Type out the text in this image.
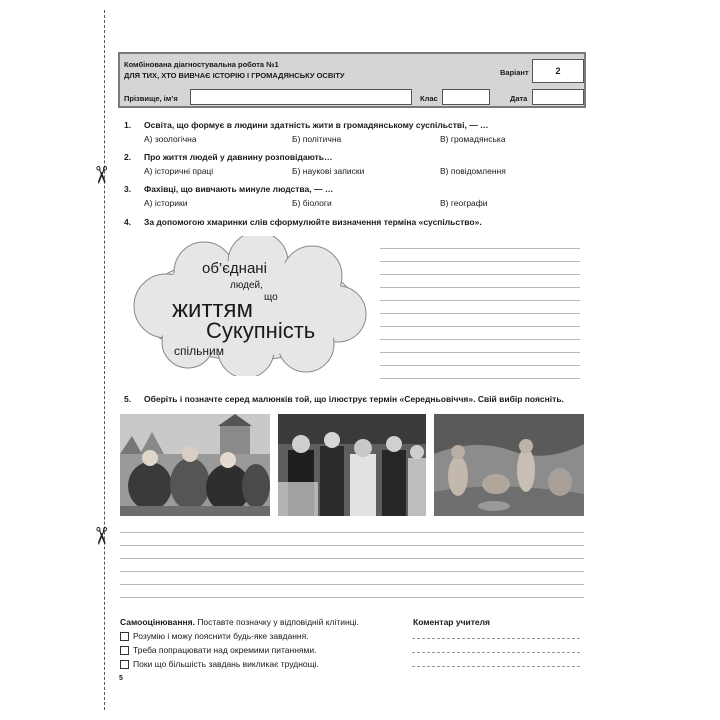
✂
✂
Комбінована діагностувальна робота №1
ДЛЯ ТИХ, ХТО ВИВЧАЄ ІСТОРІЮ І ГРОМАДЯНСЬКУ ОСВІТУ	Варіант	2
Прізвище, ім’я	Клас	Дата
1. Освіта, що формує в людини здатність жити в громадянському суспільстві, — …
А) зоологічна	Б) політична	В) громадянська
2. Про життя людей у давнину розповідають…
А) історичні праці	Б) наукові записки	В) повідомлення
3. Фахівці, що вивчають минуле людства, — …
А) історики	Б) біологи	В) географи
4. За допомогою хмаринки слів сформулюйте визначення терміна «суспільство».
об’єднані
людей,
що
життям
Сукупність
спільним
5. Оберіть і позначте серед малюнків той, що ілюструє термін «Середньовіччя». Свій вибір поясніть.
Самооцінювання. Поставте позначку у відповідній клітинці.
Розумію і можу пояснити будь-яке завдання.
Треба попрацювати над окремими питаннями.
Поки що більшість завдань викликає труднощі.
Коментар учителя
5
